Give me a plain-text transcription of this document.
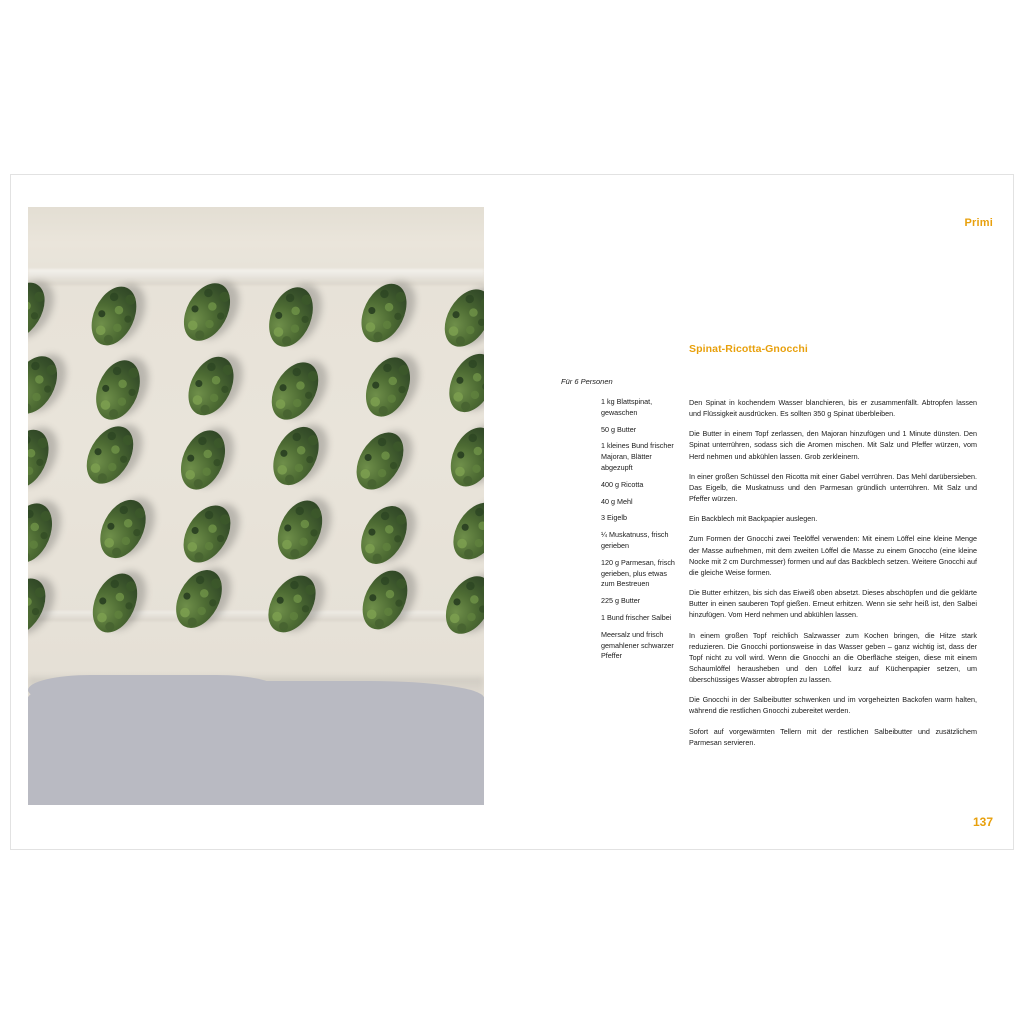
Primi
Spinat-Ricotta-Gnocchi
Für 6 Personen
1 kg Blattspinat, gewaschen
50 g Butter
1 kleines Bund frischer Majoran, Blätter abgezupft
400 g Ricotta
40 g Mehl
3 Eigelb
¼ Muskatnuss, frisch gerieben
120 g Parmesan, frisch gerieben, plus etwas zum Bestreuen
225 g Butter
1 Bund frischer Salbei
Meersalz und frisch gemahlener schwarzer Pfeffer

Den Spinat in kochendem Wasser blanchieren, bis er zusammenfällt. Abtropfen lassen und Flüssigkeit ausdrücken. Es sollten 350 g Spinat überbleiben.

Die Butter in einem Topf zerlassen, den Majoran hinzufügen und 1 Minute dünsten. Den Spinat unterrühren, sodass sich die Aromen mischen. Mit Salz und Pfeffer würzen, vom Herd nehmen und abkühlen lassen. Grob zerkleinern.

In einer großen Schüssel den Ricotta mit einer Gabel verrühren. Das Mehl darübersieben. Das Eigelb, die Muskatnuss und den Parmesan gründlich unterrühren. Mit Salz und Pfeffer würzen.

Ein Backblech mit Backpapier auslegen.

Zum Formen der Gnocchi zwei Teelöffel verwenden: Mit einem Löffel eine kleine Menge der Masse aufnehmen, mit dem zweiten Löffel die Masse zu einem Gnoccho (eine kleine Nocke mit 2 cm Durchmesser) formen und auf das Backblech setzen. Weitere Gnocchi auf die gleiche Weise formen.

Die Butter erhitzen, bis sich das Eiweiß oben absetzt. Dieses abschöpfen und die geklärte Butter in einen sauberen Topf gießen. Erneut erhitzen. Wenn sie sehr heiß ist, den Salbei hinzufügen. Vom Herd nehmen und abkühlen lassen.

In einem großen Topf reichlich Salzwasser zum Kochen bringen, die Hitze stark reduzieren. Die Gnocchi portionsweise in das Wasser geben – ganz wichtig ist, dass der Topf nicht zu voll wird. Wenn die Gnocchi an die Oberfläche steigen, diese mit einem Schaumlöffel herausheben und den Löffel kurz auf Küchenpapier setzen, um überschüssiges Wasser abtropfen zu lassen.

Die Gnocchi in der Salbeibutter schwenken und im vorgeheizten Backofen warm halten, während die restlichen Gnocchi zubereitet werden.

Sofort auf vorgewärmten Tellern mit der restlichen Salbeibutter und zusätzlichem Parmesan servieren.

137
